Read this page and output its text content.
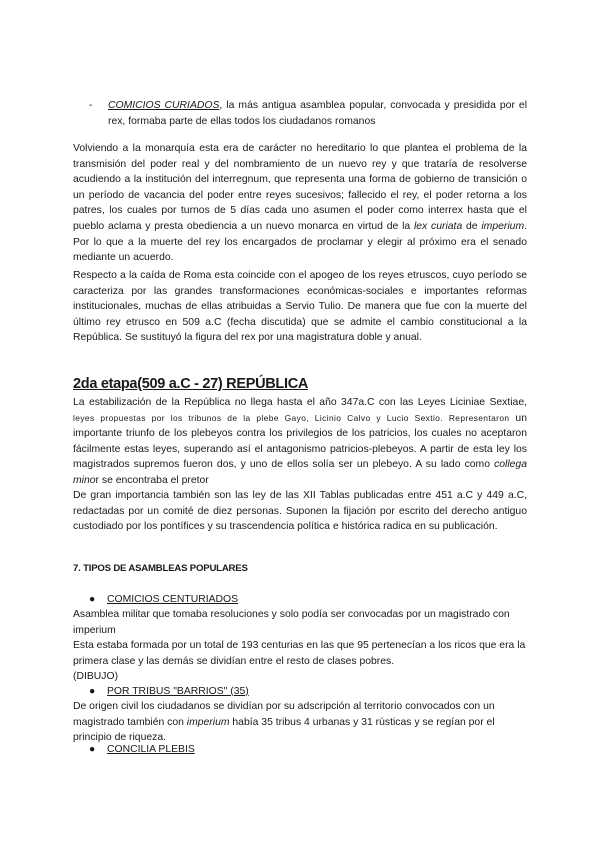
-	COMICIOS CURIADOS, la más antigua asamblea popular, convocada y presidida por el rex, formaba parte de ellas todos los ciudadanos romanos

Volviendo a la monarquía esta era de carácter no hereditario lo que plantea el problema de la transmisión del poder real y del nombramiento de un nuevo rey y que trataría de resolverse acudiendo a la institución del interregnum, que representa una forma de gobierno de transición o un período de vacancia del poder entre reyes sucesivos; fallecido el rey, el poder retorna a los patres, los cuales por turnos de 5 días cada uno asumen el poder como interrex hasta que el pueblo aclama y presta obediencia a un nuevo monarca en virtud de la lex curiata de imperium. Por lo que a la muerte del rey los encargados de proclamar y elegir al próximo era el senado mediante un acuerdo.

Respecto a la caída de Roma esta coincide con el apogeo de los reyes etruscos, cuyo período se caracteriza por las grandes transformaciones económicas-sociales e importantes reformas institucionales, muchas de ellas atribuidas a Servio Tulio. De manera que fue con la muerte del último rey etrusco en 509 a.C (fecha discutida) que se admite el cambio constitucional a la República. Se sustituyó la figura del rex por una magistratura doble y anual.

2da etapa(509 a.C - 27) REPÚBLICA

La estabilización de la República no llega hasta el año 347a.C con las Leyes Liciniae Sextiae, leyes propuestas por los tribunos de la plebe Gayo, Licinio Calvo y Lucio Sextio. Representaron un importante triunfo de los plebeyos contra los privilegios de los patricios, los cuales no aceptaron fácilmente estas leyes, superando así el antagonismo patricios-plebeyos. A partir de esta ley los magistrados supremos fueron dos, y uno de ellos solía ser un plebeyo. A su lado como collega minor se encontraba el pretor

De gran importancia también son las ley de las XII Tablas publicadas entre 451 a.C y 449 a.C, redactadas por un comité de diez personas. Suponen la fijación por escrito del derecho antiguo custodiado por los pontífices y su trascendencia política e histórica radica en su publicación.

7. TIPOS DE ASAMBLEAS POPULARES
● COMICIOS CENTURIADOS

Asamblea militar que tomaba resoluciones y solo podía ser convocadas por un magistrado con imperium

Esta estaba formada por un total de 193 centurias en las que 95 pertenecían a los ricos que era la primera clase y las demás se dividían entre el resto de clases pobres.

(DIBUJO)

● POR TRIBUS "BARRIOS" (35)

De origen civil los ciudadanos se dividían por su adscripción al territorio convocados con un magistrado también con imperium había 35 tribus 4 urbanas y 31 rústicas y se regían por el principio de riqueza.

● CONCILIA PLEBIS
